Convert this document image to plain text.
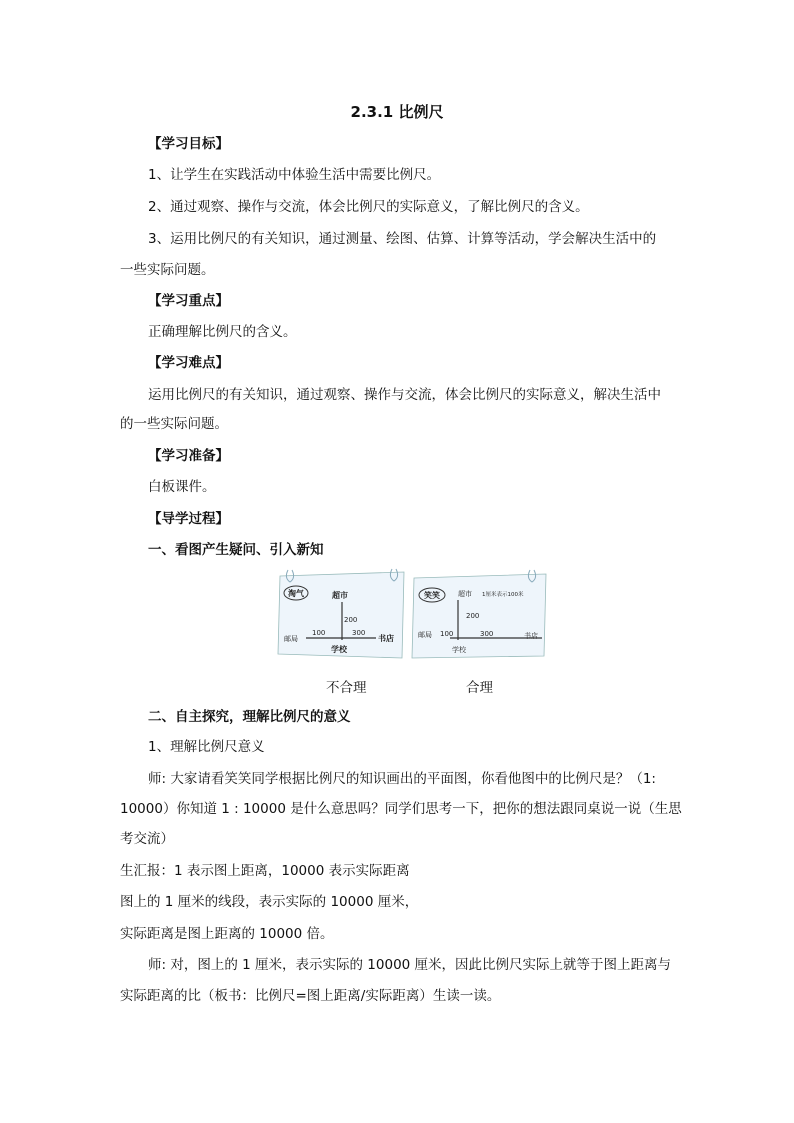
2.3.1 比例尺
【学习目标】
1、让学生在实践活动中体验生活中需要比例尺。
2、通过观察、操作与交流，体会比例尺的实际意义，了解比例尺的含义。
3、运用比例尺的有关知识，通过测量、绘图、估算、计算等活动，学会解决生活中的
一些实际问题。
【学习重点】
正确理解比例尺的含义。
【学习难点】
运用比例尺的有关知识，通过观察、操作与交流，体会比例尺的实际意义，解决生活中
的一些实际问题。
【学习准备】
白板课件。
【导学过程】
一、看图产生疑问、引入新知
淘气	超市
200
邮局
100	300
书店
学校
笑笑	超市 1厘米表示100米
200
邮局 100	300	书店
学校
不合理	合理
二、自主探究，理解比例尺的意义
1、理解比例尺意义
师: 大家请看笑笑同学根据比例尺的知识画出的平面图，你看他图中的比例尺是？（1:
10000）你知道 1 : 10000 是什么意思吗？同学们思考一下，把你的想法跟同桌说一说（生思
考交流）
生汇报：1 表示图上距离，10000 表示实际距离
图上的 1 厘米的线段，表示实际的 10000 厘米，
实际距离是图上距离的 10000 倍。
师: 对，图上的 1 厘米，表示实际的 10000 厘米，因此比例尺实际上就等于图上距离与
实际距离的比（板书：比例尺=图上距离/实际距离）生读一读。
